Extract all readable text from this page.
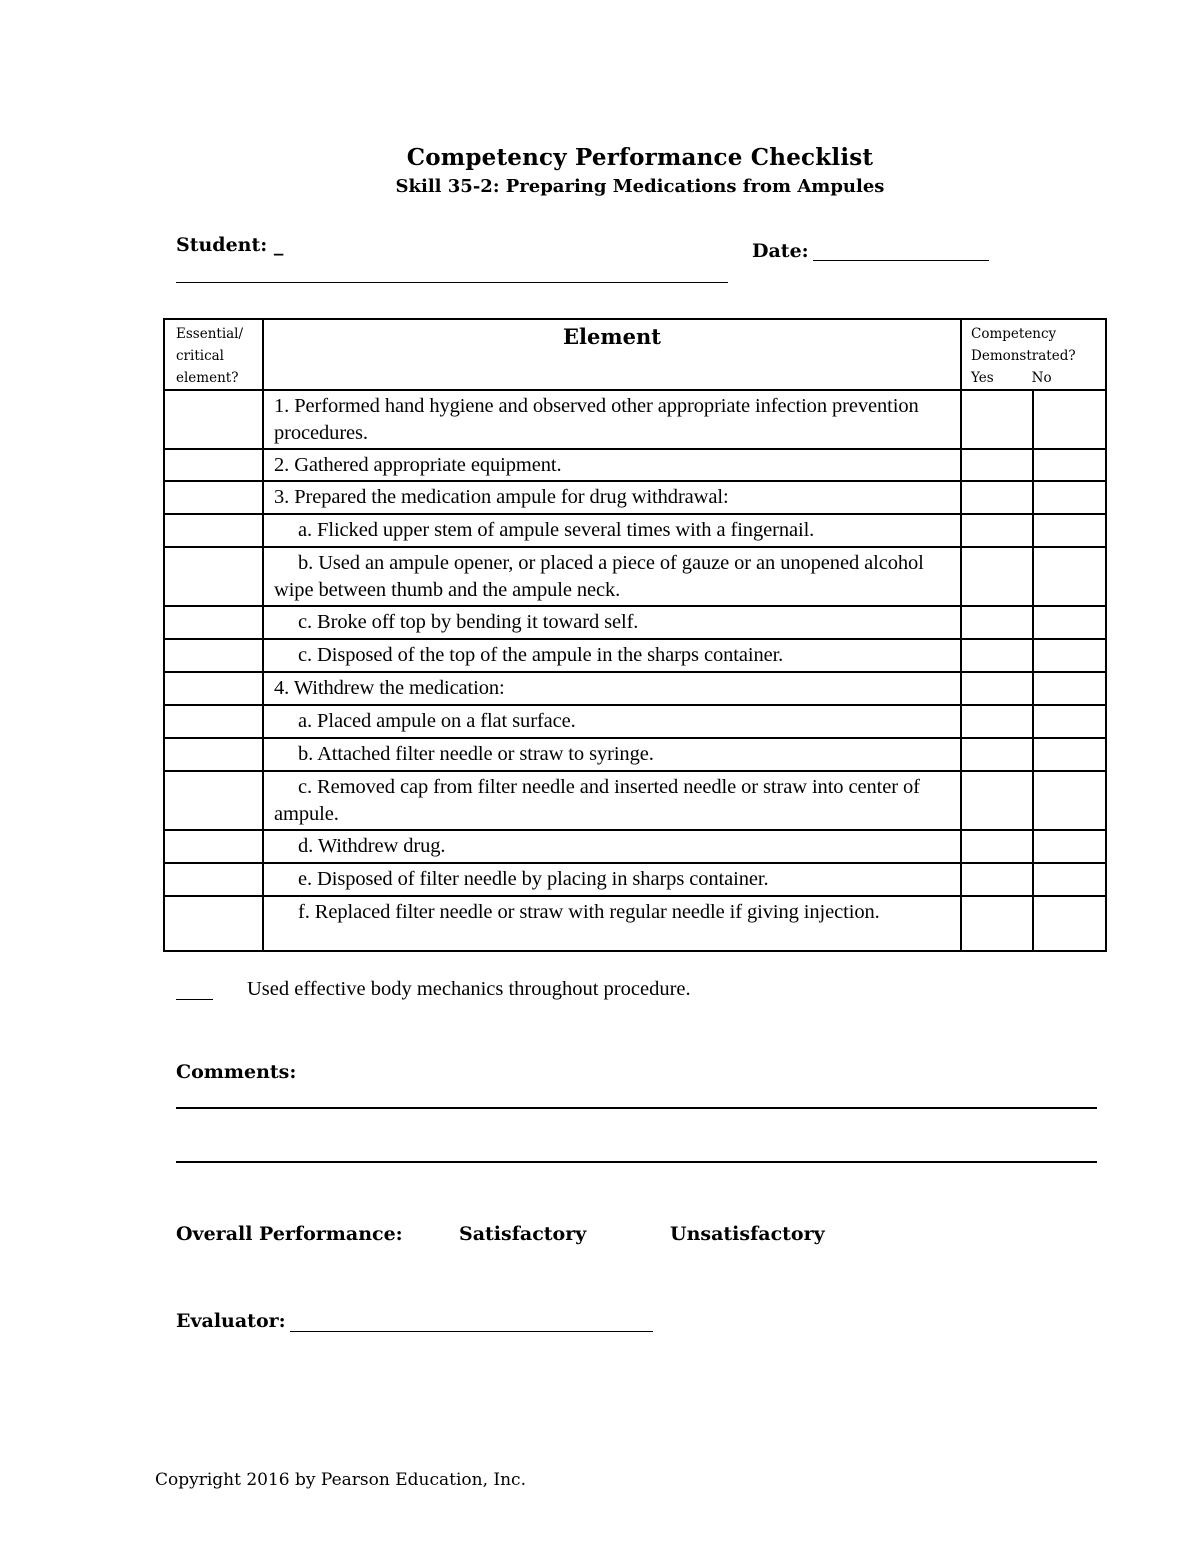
Competency Performance Checklist
Skill 35-2: Preparing Medications from Ampules
Student: _	Date:
Essential/
critical
element?	Element	Competency
Demonstrated?
Yes No	

	1. Performed hand hygiene and observed other appropriate infection prevention procedures.		
	2. Gathered appropriate equipment.		
	3. Prepared the medication ampule for drug withdrawal:		
	a. Flicked upper stem of ampule several times with a fingernail.		
	b. Used an ampule opener, or placed a piece of gauze or an unopened alcohol wipe between thumb and the ampule neck.		
	c. Broke off top by bending it toward self.		
	c. Disposed of the top of the ampule in the sharps container.		
	4. Withdrew the medication:		
	a. Placed ampule on a flat surface.		
	b. Attached filter needle or straw to syringe.		
	c. Removed cap from filter needle and inserted needle or straw into center of ampule.		
	d. Withdrew drug.		
	e. Disposed of filter needle by placing in sharps container.		
	f. Replaced filter needle or straw with regular needle if giving injection.		
Used effective body mechanics throughout procedure.
Comments:
Overall Performance:	Satisfactory	Unsatisfactory
Evaluator:
Copyright 2016 by Pearson Education, Inc.
